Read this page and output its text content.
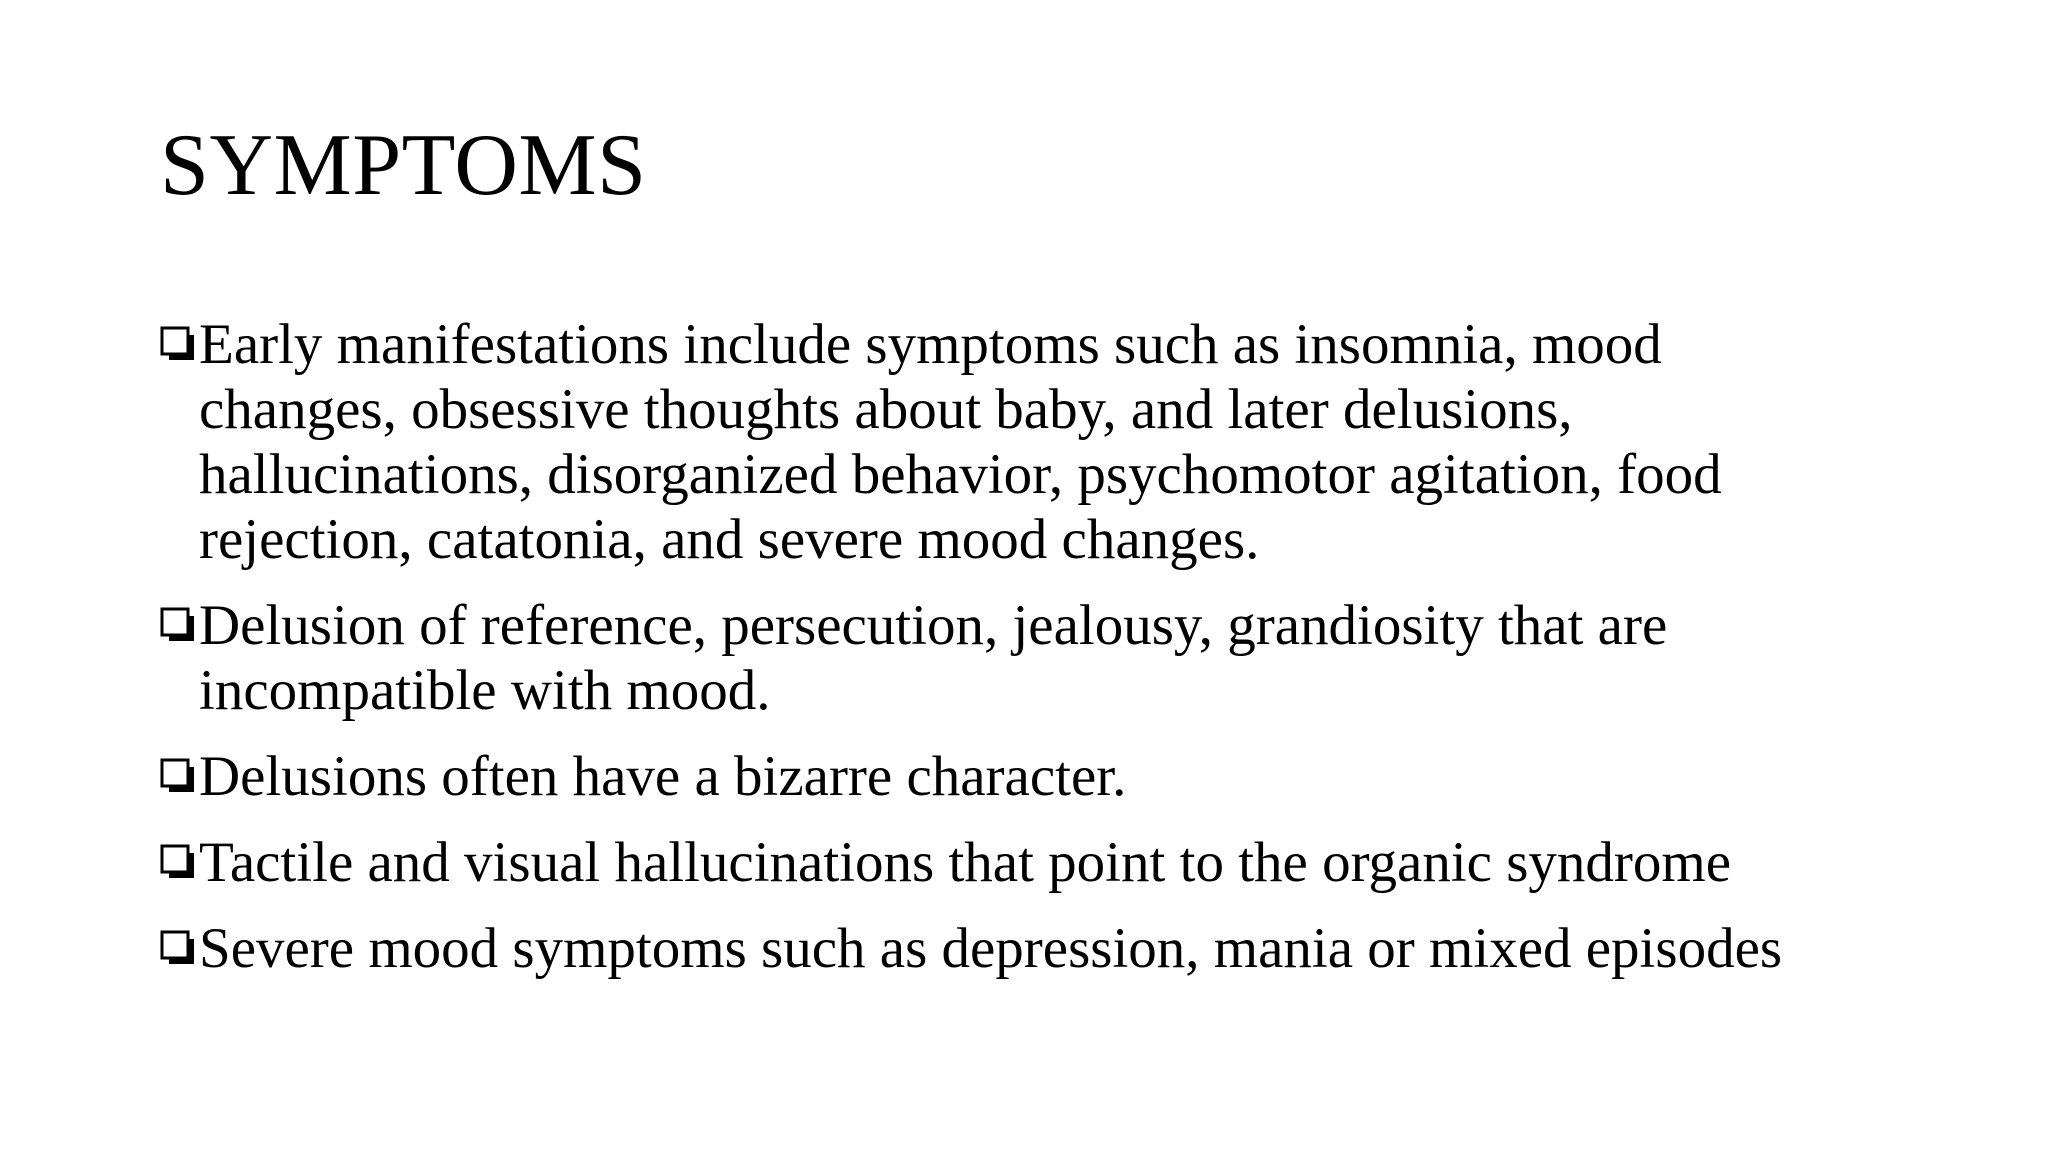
SYMPTOMS
Early manifestations include symptoms such as insomnia, mood
changes, obsessive thoughts about baby, and later delusions,
hallucinations, disorganized behavior, psychomotor agitation, food
rejection, catatonia, and severe mood changes.
Delusion of reference, persecution, jealousy, grandiosity that are
incompatible with mood.
Delusions often have a bizarre character.
Tactile and visual hallucinations that point to the organic syndrome
Severe mood symptoms such as depression, mania or mixed episodes
